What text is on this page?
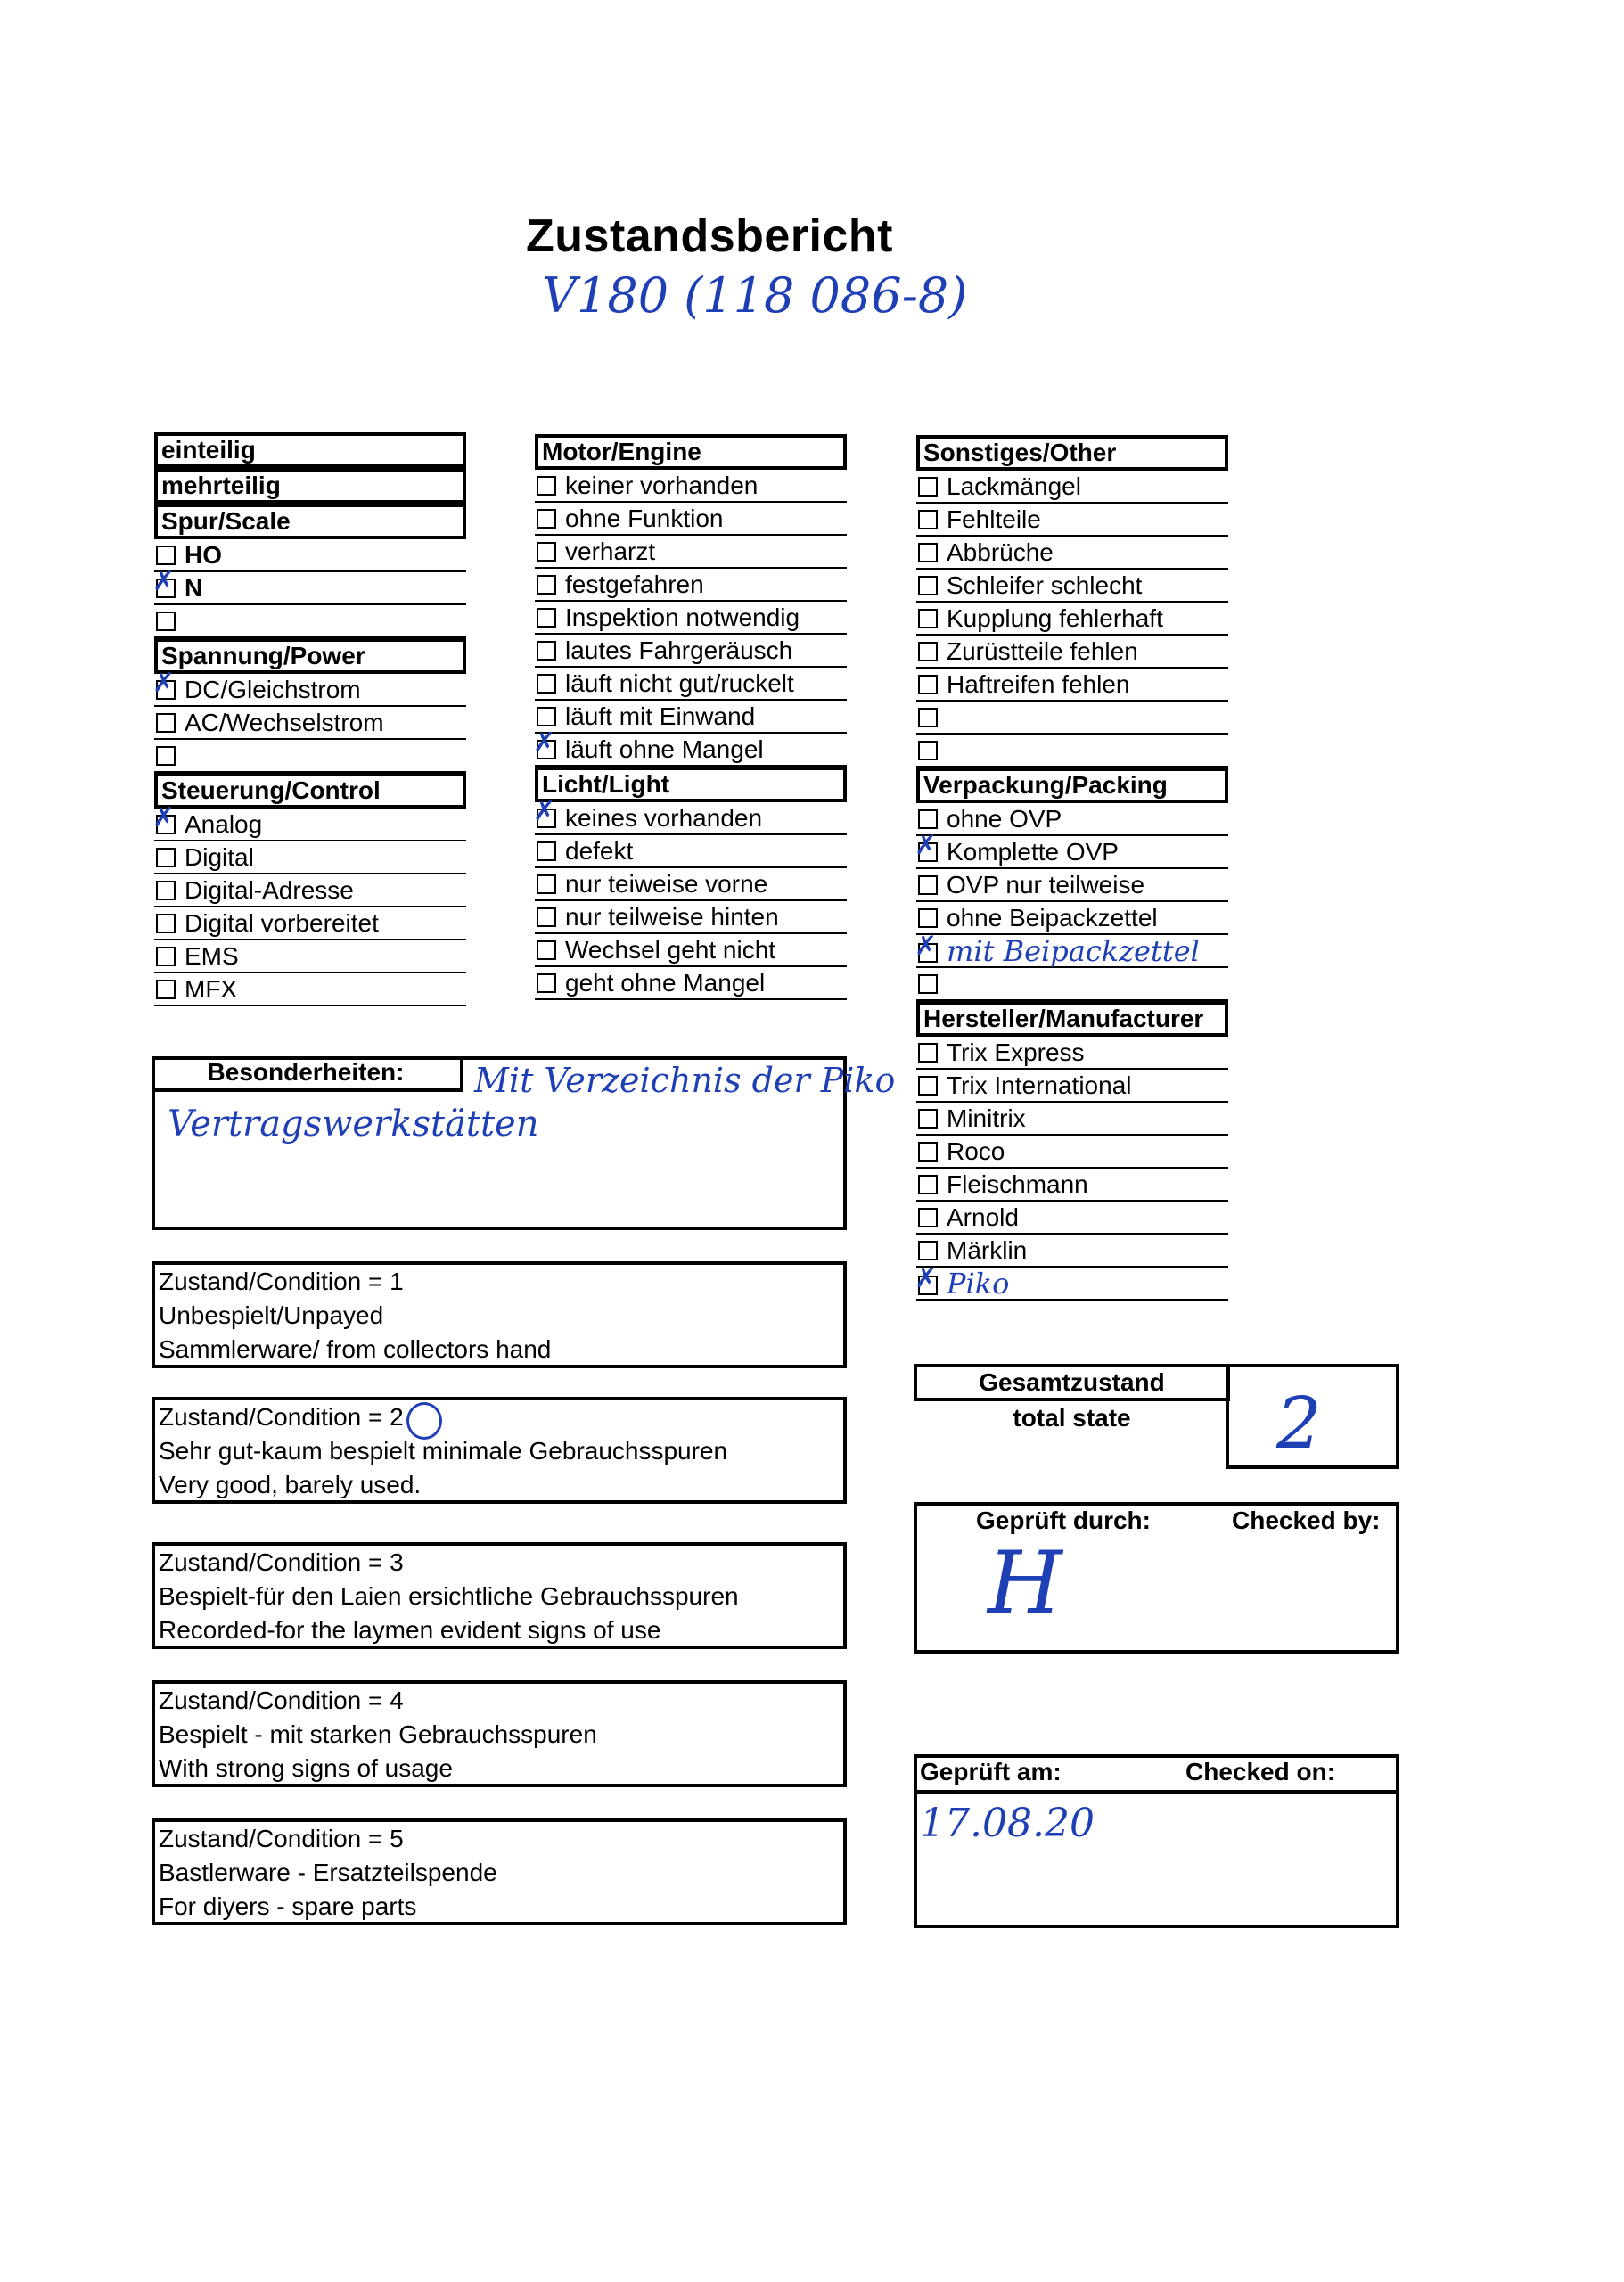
Zustandsbericht
V180 (118 086-8)
einteilig
mehrteilig
Spur/Scale
HO
✗N
Spannung/Power
✗DC/Gleichstrom
AC/Wechselstrom
Steuerung/Control
✗Analog
Digital
Digital-Adresse
Digital vorbereitet
EMS
MFX
Motor/Engine
keiner vorhanden
ohne Funktion
verharzt
festgefahren
Inspektion notwendig
lautes Fahrgeräusch
läuft nicht gut/ruckelt
läuft mit Einwand
✗läuft ohne Mangel
Licht/Light
✗keines vorhanden
defekt
nur teiweise vorne
nur teilweise hinten
Wechsel geht nicht
geht ohne Mangel
Sonstiges/Other
Lackmängel
Fehlteile
Abbrüche
Schleifer schlecht
Kupplung fehlerhaft
Zurüstteile fehlen
Haftreifen fehlen
Verpackung/Packing
ohne OVP
✗Komplette OVP
OVP nur teilweise
ohne Beipackzettel
✗mit Beipackzettel
Hersteller/Manufacturer
Trix Express
Trix International
Minitrix
Roco
Fleischmann
Arnold
Märklin
✗Piko
Besonderheiten:	Mit Verzeichnis der Piko
Vertragswerkstätten
Zustand/Condition = 1
Unbespielt/Unpayed
Sammlerware/ from collectors hand
Zustand/Condition = 2
Sehr gut-kaum bespielt minimale Gebrauchsspuren
Very good, barely used.
Zustand/Condition = 3
Bespielt-für den Laien ersichtliche Gebrauchsspuren
Recorded-for the laymen evident signs of use
Zustand/Condition = 4
Bespielt - mit starken Gebrauchsspuren
With strong signs of usage
Zustand/Condition = 5
Bastlerware - Ersatzteilspende
For diyers - spare parts
Gesamtzustand
total state	2
Geprüft durch:	Checked by:
H
Geprüft am:	Checked on:
17.08.20
